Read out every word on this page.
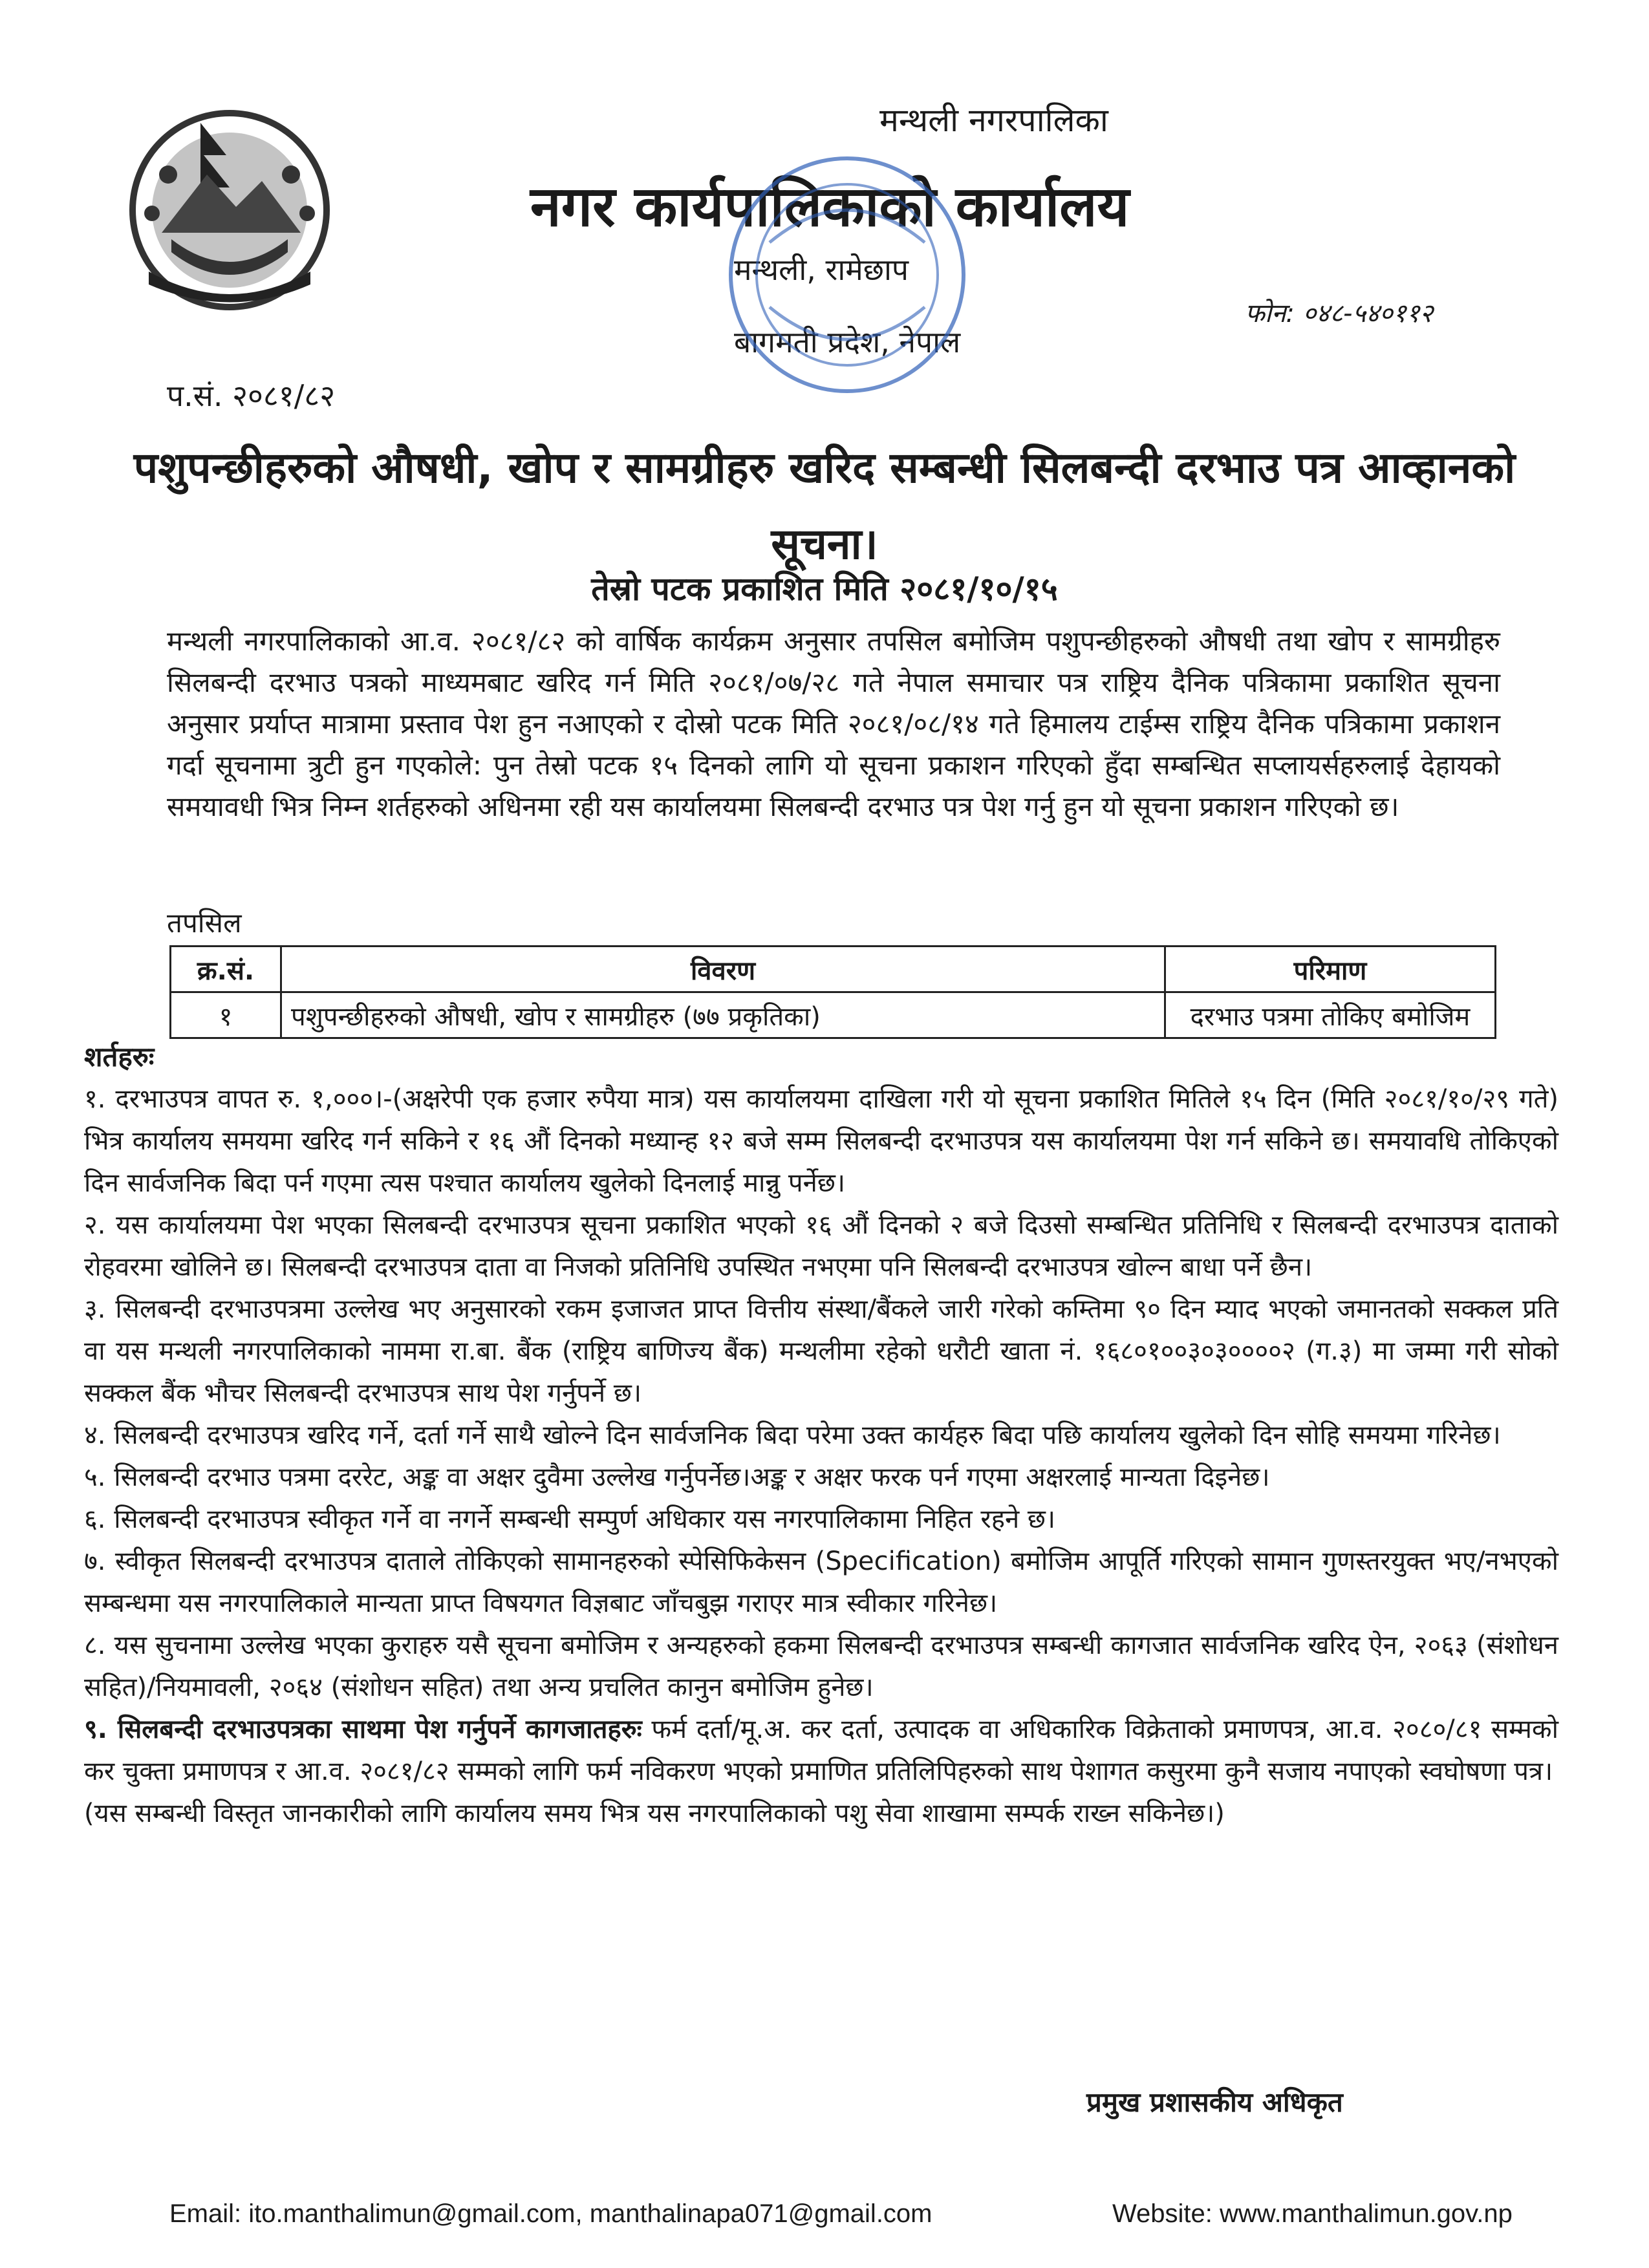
मन्थली नगरपालिका
नगर कार्यपालिकाको कार्यालय
मन्थली, रामेछाप
बागमती प्रदेश, नेपाल
फोन: ०४८-५४०११२
प.सं. २०८१/८२
पशुपन्छीहरुको औषधी, खोप र सामग्रीहरु खरिद सम्बन्धी सिलबन्दी दरभाउ पत्र आव्हानको सूचना।
तेस्रो पटक प्रकाशित मिति २०८१/१०/१५
मन्थली नगरपालिकाको आ.व. २०८१/८२ को वार्षिक कार्यक्रम अनुसार तपसिल बमोजिम पशुपन्छीहरुको औषधी तथा खोप र सामग्रीहरु सिलबन्दी दरभाउ पत्रको माध्यमबाट खरिद गर्न मिति २०८१/०७/२८ गते नेपाल समाचार पत्र राष्ट्रिय दैनिक पत्रिकामा प्रकाशित सूचना अनुसार प्रर्याप्त मात्रामा प्रस्ताव पेश हुन नआएको र दोस्रो पटक मिति २०८१/०८/१४ गते हिमालय टाईम्स राष्ट्रिय दैनिक पत्रिकामा प्रकाशन गर्दा सूचनामा त्रुटी हुन गएकोले: पुन तेस्रो पटक १५ दिनको लागि यो सूचना प्रकाशन गरिएको हुँदा सम्बन्धित सप्लायर्सहरुलाई देहायको समयावधी भित्र निम्न शर्तहरुको अधिनमा रही यस कार्यालयमा सिलबन्दी दरभाउ पत्र पेश गर्नु हुन यो सूचना प्रकाशन गरिएको छ।
तपसिल
क्र.सं.	विवरण	परिमाण
१	पशुपन्छीहरुको औषधी, खोप र सामग्रीहरु (७७ प्रकृतिका)	दरभाउ पत्रमा तोकिए बमोजिम
शर्तहरुः

१. दरभाउपत्र वापत रु. १,०००।-(अक्षरेपी एक हजार रुपैया मात्र) यस कार्यालयमा दाखिला गरी यो सूचना प्रकाशित मितिले १५ दिन (मिति २०८१/१०/२९ गते) भित्र कार्यालय समयमा खरिद गर्न सकिने र १६ औं दिनको मध्यान्ह १२ बजे सम्म सिलबन्दी दरभाउपत्र यस कार्यालयमा पेश गर्न सकिने छ। समयावधि तोकिएको दिन सार्वजनिक बिदा पर्न गएमा त्यस पश्चात कार्यालय खुलेको दिनलाई मान्नु पर्नेछ।

२. यस कार्यालयमा पेश भएका सिलबन्दी दरभाउपत्र सूचना प्रकाशित भएको १६ औं दिनको २ बजे दिउसो सम्बन्धित प्रतिनिधि र सिलबन्दी दरभाउपत्र दाताको रोहवरमा खोलिने छ। सिलबन्दी दरभाउपत्र दाता वा निजको प्रतिनिधि उपस्थित नभएमा पनि सिलबन्दी दरभाउपत्र खोल्न बाधा पर्ने छैन।

३. सिलबन्दी दरभाउपत्रमा उल्लेख भए अनुसारको रकम इजाजत प्राप्त वित्तीय संस्था/बैंकले जारी गरेको कम्तिमा ९० दिन म्याद भएको जमानतको सक्कल प्रति वा यस मन्थली नगरपालिकाको नाममा रा.बा. बैंक (राष्ट्रिय बाणिज्य बैंक) मन्थलीमा रहेको धरौटी खाता नं. १६८०१००३०३००००२ (ग.३) मा जम्मा गरी सोको सक्कल बैंक भौचर सिलबन्दी दरभाउपत्र साथ पेश गर्नुपर्ने छ।

४. सिलबन्दी दरभाउपत्र खरिद गर्ने, दर्ता गर्ने साथै खोल्ने दिन सार्वजनिक बिदा परेमा उक्त कार्यहरु बिदा पछि कार्यालय खुलेको दिन सोहि समयमा गरिनेछ।

५. सिलबन्दी दरभाउ पत्रमा दररेट, अङ्क वा अक्षर दुवैमा उल्लेख गर्नुपर्नेछ।अङ्क र अक्षर फरक पर्न गएमा अक्षरलाई मान्यता दिइनेछ।

६. सिलबन्दी दरभाउपत्र स्वीकृत गर्ने वा नगर्ने सम्बन्धी सम्पुर्ण अधिकार यस नगरपालिकामा निहित रहने छ।

७. स्वीकृत सिलबन्दी दरभाउपत्र दाताले तोकिएको सामानहरुको स्पेसिफिकेसन (Specification) बमोजिम आपूर्ति गरिएको सामान गुणस्तरयुक्त भए/नभएको सम्बन्धमा यस नगरपालिकाले मान्यता प्राप्त विषयगत विज्ञबाट जाँचबुझ गराएर मात्र स्वीकार गरिनेछ।

८. यस सुचनामा उल्लेख भएका कुराहरु यसै सूचना बमोजिम र अन्यहरुको हकमा सिलबन्दी दरभाउपत्र सम्बन्धी कागजात सार्वजनिक खरिद ऐन, २०६३ (संशोधन सहित)/नियमावली, २०६४ (संशोधन सहित) तथा अन्य प्रचलित कानुन बमोजिम हुनेछ।

९. सिलबन्दी दरभाउपत्रका साथमा पेश गर्नुपर्ने कागजातहरुः फर्म दर्ता/मू.अ. कर दर्ता, उत्पादक वा अधिकारिक विक्रेताको प्रमाणपत्र, आ.व. २०८०/८१ सम्मको कर चुक्ता प्रमाणपत्र र आ.व. २०८१/८२ सम्मको लागि फर्म नविकरण भएको प्रमाणित प्रतिलिपिहरुको साथ पेशागत कसुरमा कुनै सजाय नपाएको स्वघोषणा पत्र।

(यस सम्बन्धी विस्तृत जानकारीको लागि कार्यालय समय भित्र यस नगरपालिकाको पशु सेवा शाखामा सम्पर्क राख्न सकिनेछ।)

प्रमुख प्रशासकीय अधिकृत
Email: ito.manthalimun@gmail.com, manthalinapa071@gmail.com	Website: www.manthalimun.gov.np
